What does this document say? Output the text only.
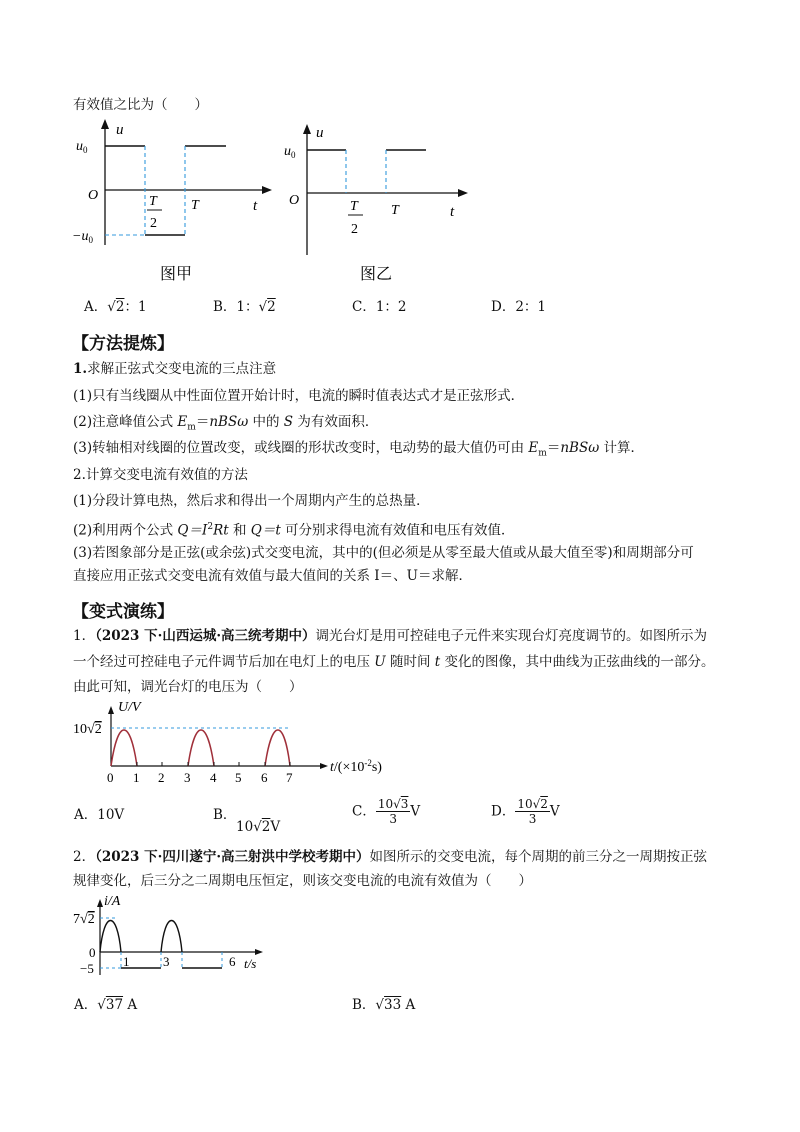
有效值之比为（　　）
u
$u_0$
O
$-u_0$
T
2
T	t
图甲
u
$u_0$
O	T
2
T	t
图乙
A．√2：1	B．1：√2	C．1：2	D．2：1
【方法提炼】
1.求解正弦式交变电流的三点注意
(1)只有当线圈从中性面位置开始计时，电流的瞬时值表达式才是正弦形式．
(2)注意峰值公式 $E_m=nBS\omega$ 中的 S 为有效面积．
(3)转轴相对线圈的位置改变，或线圈的形状改变时，电动势的最大值仍可由 $E_m=nBS\omega$ 计算．
2.计算交变电流有效值的方法
(1)分段计算电热，然后求和得出一个周期内产生的总热量．
(2)利用两个公式 $Q=I^2Rt$ 和 Q＝t 可分别求得电流有效值和电压有效值．
(3)若图象部分是正弦(或余弦)式交变电流，其中的(但必须是从零至最大值或从最大值至零)和周期部分可
直接应用正弦式交变电流有效值与最大值间的关系 I＝、U＝求解．
【变式演练】
1．（2023 下·山西运城·高三统考期中）调光台灯是用可控硅电子元件来实现台灯亮度调节的。如图所示为
一个经过可控硅电子元件调节后加在电灯上的电压 U 随时间 t 变化的图像，其中曲线为正弦曲线的一部分。
由此可知，调光台灯的电压为（　　）
U/V
10√2
0 1 2 3 4 5 6 7
$t/(\times 10^{-2}s)$
A．10V	B．
10√2V
C． $\frac{10√3}{3}$ V	D． $\frac{10√2}{3}$ V
2．（2023 下·四川遂宁·高三射洪中学校考期中）如图所示的交变电流，每个周期的前三分之一周期按正弦
规律变化，后三分之二周期电压恒定，则该交变电流的电流有效值为（　　）
i/A
7√2
0
−5 1	3	6 t/s
A．√37 A	B．√33 A
